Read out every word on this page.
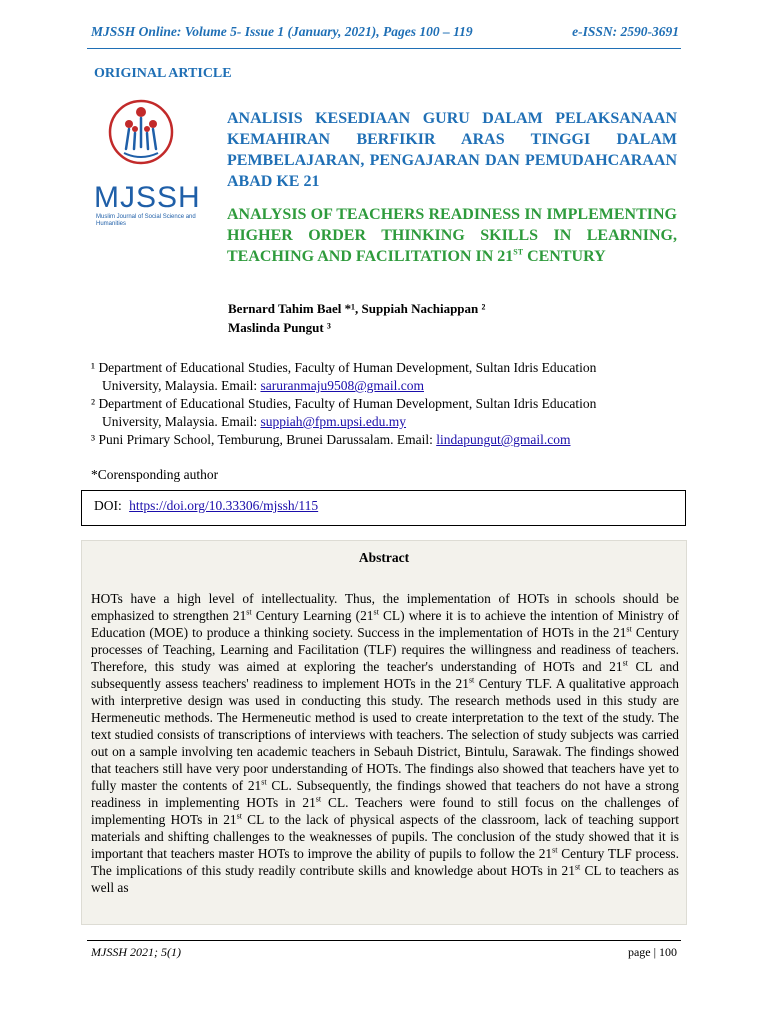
MJSSH Online: Volume 5- Issue 1 (January, 2021), Pages 100 – 119	e-ISSN: 2590-3691
ORIGINAL ARTICLE
MJSSH
Muslim Journal of Social Science and Humanities
ANALISIS KESEDIAAN GURU DALAM PELAKSANAAN KEMAHIRAN BERFIKIR ARAS TINGGI DALAM PEMBELAJARAN, PENGAJARAN DAN PEMUDAHCARAAN ABAD KE 21
ANALYSIS OF TEACHERS READINESS IN IMPLEMENTING HIGHER ORDER THINKING SKILLS IN LEARNING, TEACHING AND FACILITATION IN 21ST CENTURY
Bernard Tahim Bael *¹, Suppiah Nachiappan ²
Maslinda Pungut ³

¹ Department of Educational Studies, Faculty of Human Development, Sultan Idris Education
University, Malaysia. Email: saruranmaju9508@gmail.com

² Department of Educational Studies, Faculty of Human Development, Sultan Idris Education
University, Malaysia. Email: suppiah@fpm.upsi.edu.my

³ Puni Primary School, Temburung, Brunei Darussalam. Email: lindapungut@gmail.com

*Corensponding author
DOI: https://doi.org/10.33306/mjssh/115
Abstract

HOTs have a high level of intellectuality. Thus, the implementation of HOTs in schools should be emphasized to strengthen 21st Century Learning (21st CL) where it is to achieve the intention of Ministry of Education (MOE) to produce a thinking society. Success in the implementation of HOTs in the 21st Century processes of Teaching, Learning and Facilitation (TLF) requires the willingness and readiness of teachers. Therefore, this study was aimed at exploring the teacher's understanding of HOTs and 21st CL and subsequently assess teachers' readiness to implement HOTs in the 21st Century TLF. A qualitative approach with interpretive design was used in conducting this study. The research methods used in this study are Hermeneutic methods. The Hermeneutic method is used to create interpretation to the text of the study. The text studied consists of transcriptions of interviews with teachers. The selection of study subjects was carried out on a sample involving ten academic teachers in Sebauh District, Bintulu, Sarawak. The findings showed that teachers still have very poor understanding of HOTs. The findings also showed that teachers have yet to fully master the contents of 21st CL. Subsequently, the findings showed that teachers do not have a strong readiness in implementing HOTs in 21st CL. Teachers were found to still focus on the challenges of implementing HOTs in 21st CL to the lack of physical aspects of the classroom, lack of teaching support materials and shifting challenges to the weaknesses of pupils. The conclusion of the study showed that it is important that teachers master HOTs to improve the ability of pupils to follow the 21st Century TLF process. The implications of this study readily contribute skills and knowledge about HOTs in 21st CL to teachers as well as

MJSSH 2021; 5(1)	page | 100
